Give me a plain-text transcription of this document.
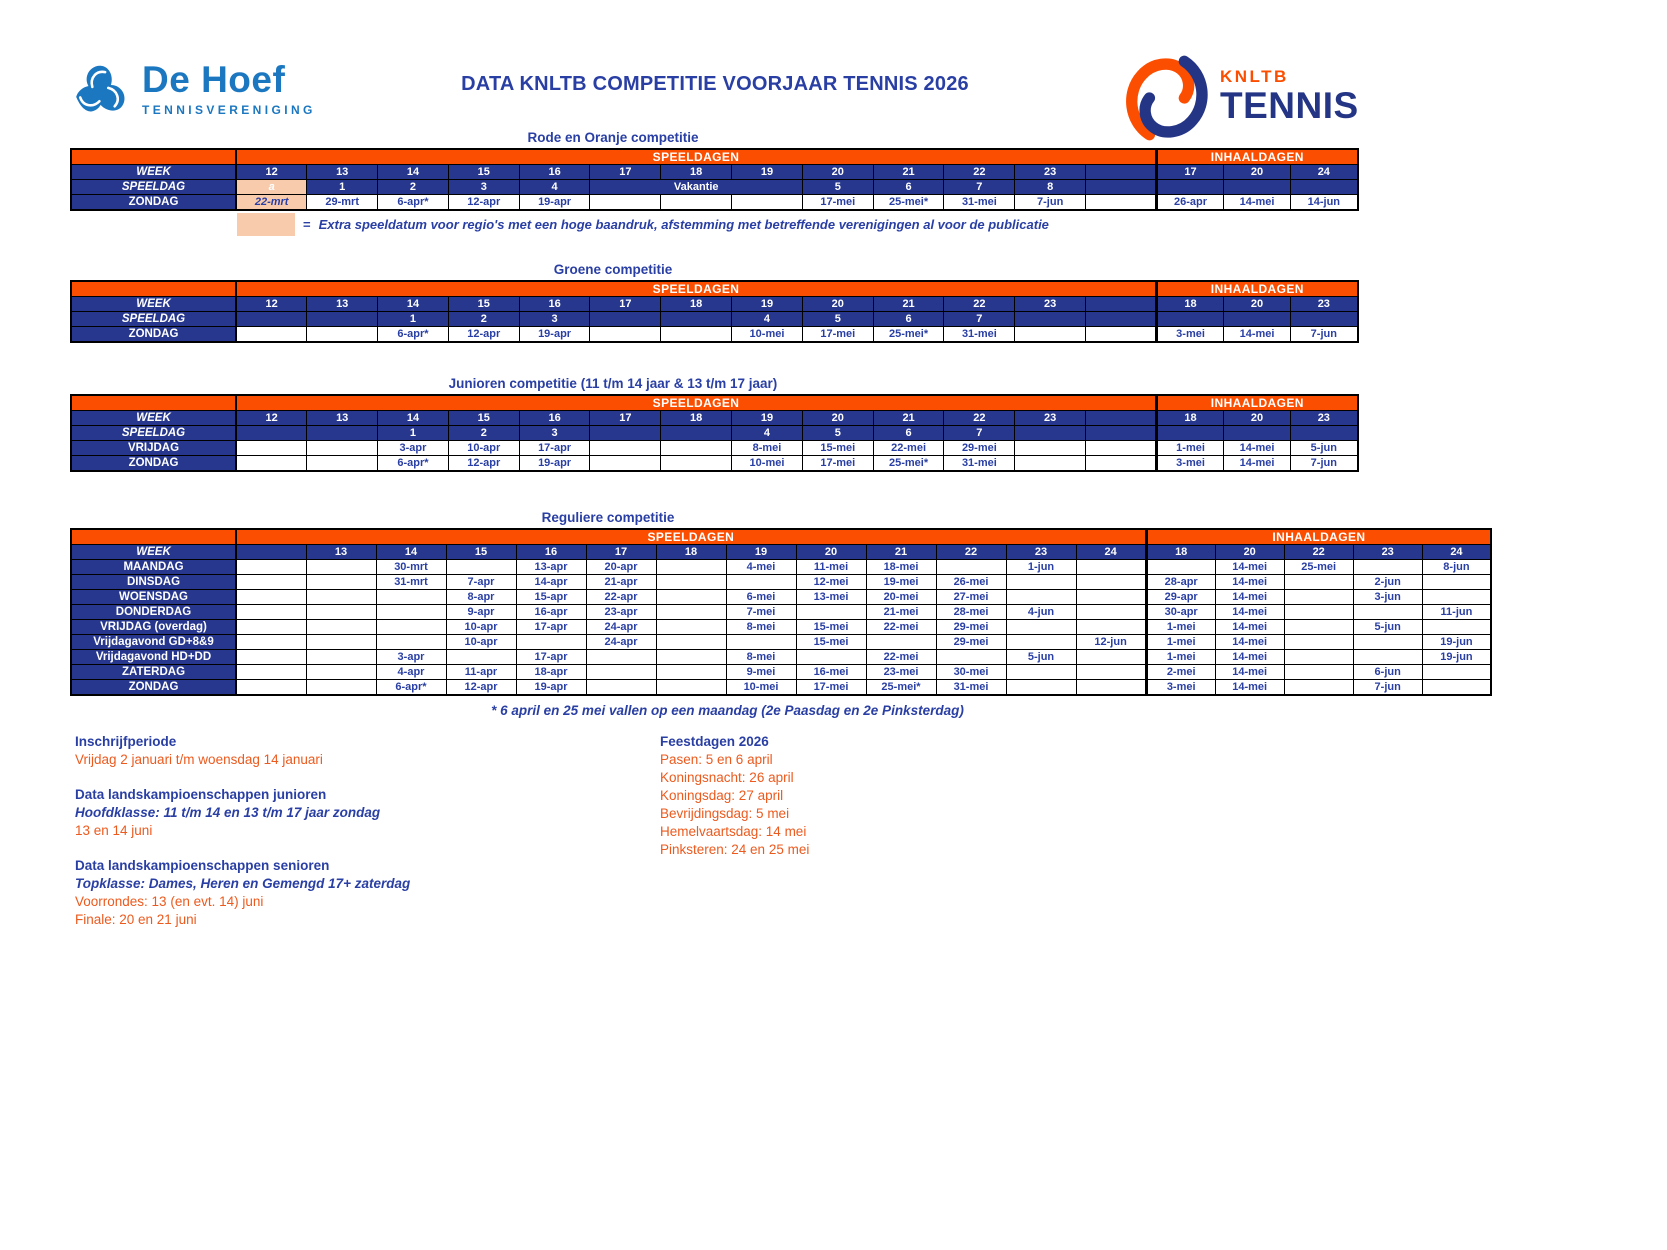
De Hoef
TENNISVERENIGING
DATA KNLTB COMPETITIE VOORJAAR TENNIS 2026	KNLTB
TENNIS
Rode en Oranje competitie
	SPEELDAGEN													INHAALDAGEN		
WEEK	12	13	14	15	16	17	18	19	20	21	22	23		17	20	24
SPEELDAG	a	1	2	3	4	Vakantie			5	6	7	8				
ZONDAG	22-mrt	29-mrt	6-apr*	12-apr	19-apr				17-mei	25-mei*	31-mei	7-jun		26-apr	14-mei	14-jun
= Extra speeldatum voor regio's met een hoge baandruk, afstemming met betreffende verenigingen al voor de publicatie
Groene competitie
	SPEELDAGEN													INHAALDAGEN		
WEEK	12	13	14	15	16	17	18	19	20	21	22	23		18	20	23
SPEELDAG			1	2	3			4	5	6	7					
ZONDAG			6-apr*	12-apr	19-apr			10-mei	17-mei	25-mei*	31-mei			3-mei	14-mei	7-jun
Junioren competitie (11 t/m 14 jaar & 13 t/m 17 jaar)
	SPEELDAGEN													INHAALDAGEN		
WEEK	12	13	14	15	16	17	18	19	20	21	22	23		18	20	23
SPEELDAG			1	2	3			4	5	6	7					
VRIJDAG			3-apr	10-apr	17-apr			8-mei	15-mei	22-mei	29-mei			1-mei	14-mei	5-jun
ZONDAG			6-apr*	12-apr	19-apr			10-mei	17-mei	25-mei*	31-mei			3-mei	14-mei	7-jun
Reguliere competitie
	SPEELDAGEN													INHAALDAGEN				
WEEK		13	14	15	16	17	18	19	20	21	22	23	24	18	20	22	23	24
MAANDAG			30-mrt		13-apr	20-apr		4-mei	11-mei	18-mei		1-jun			14-mei	25-mei		8-jun
DINSDAG			31-mrt	7-apr	14-apr	21-apr			12-mei	19-mei	26-mei			28-apr	14-mei		2-jun	
WOENSDAG				8-apr	15-apr	22-apr		6-mei	13-mei	20-mei	27-mei			29-apr	14-mei		3-jun	
DONDERDAG				9-apr	16-apr	23-apr		7-mei		21-mei	28-mei	4-jun		30-apr	14-mei			11-jun
VRIJDAG (overdag)				10-apr	17-apr	24-apr		8-mei	15-mei	22-mei	29-mei			1-mei	14-mei		5-jun	
Vrijdagavond GD+8&9				10-apr		24-apr			15-mei		29-mei		12-jun	1-mei	14-mei			19-jun
Vrijdagavond HD+DD			3-apr		17-apr			8-mei		22-mei		5-jun		1-mei	14-mei			19-jun
ZATERDAG			4-apr	11-apr	18-apr			9-mei	16-mei	23-mei	30-mei			2-mei	14-mei		6-jun	
ZONDAG			6-apr*	12-apr	19-apr			10-mei	17-mei	25-mei*	31-mei			3-mei	14-mei		7-jun	
* 6 april en 25 mei vallen op een maandag (2e Paasdag en 2e Pinksterdag)
Inschrijfperiode
Vrijdag 2 januari t/m woensdag 14 januari
Data landskampioenschappen junioren
Hoofdklasse: 11 t/m 14 en 13 t/m 17 jaar zondag
13 en 14 juni
Data landskampioenschappen senioren
Topklasse: Dames, Heren en Gemengd 17+ zaterdag
Voorrondes: 13 (en evt. 14) juni
Finale: 20 en 21 juni
Feestdagen 2026
Pasen: 5 en 6 april
Koningsnacht: 26 april
Koningsdag: 27 april
Bevrijdingsdag: 5 mei
Hemelvaartsdag: 14 mei
Pinksteren: 24 en 25 mei
